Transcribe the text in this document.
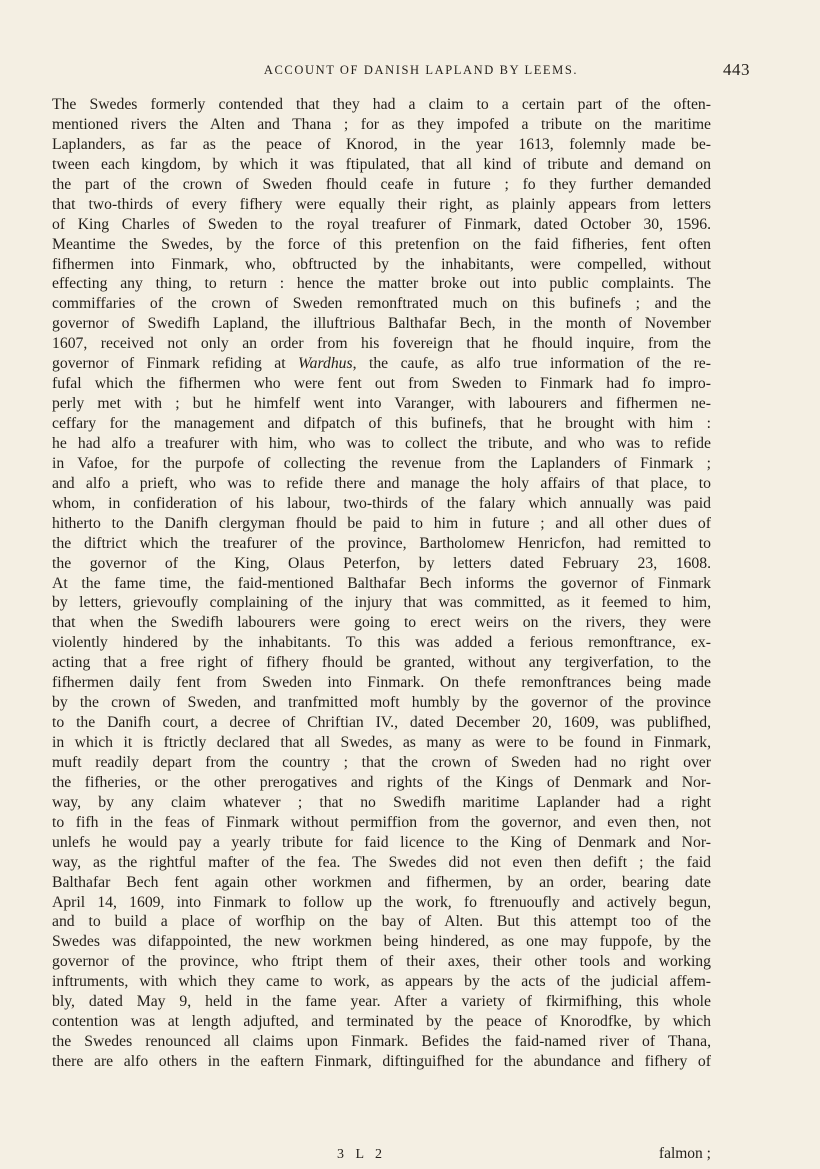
ACCOUNT OF DANISH LAPLAND BY LEEMS.	443
The Swedes formerly contended that they had a claim to a certain part of the often-
mentioned rivers the Alten and Thana ; for as they impofed a tribute on the maritime
Laplanders, as far as the peace of Knorod, in the year 1613, folemnly made be-
tween each kingdom, by which it was ftipulated, that all kind of tribute and demand on
the part of the crown of Sweden fhould ceafe in future ; fo they further demanded
that two-thirds of every fifhery were equally their right, as plainly appears from letters
of King Charles of Sweden to the royal treafurer of Finmark, dated October 30, 1596.
Meantime the Swedes, by the force of this pretenfion on the faid fifheries, fent often
fifhermen into Finmark, who, obftructed by the inhabitants, were compelled, without
effecting any thing, to return : hence the matter broke out into public complaints. The
commiffaries of the crown of Sweden remonftrated much on this bufinefs ; and the
governor of Swedifh Lapland, the illuftrious Balthafar Bech, in the month of November
1607, received not only an order from his fovereign that he fhould inquire, from the
governor of Finmark refiding at Wardhus, the caufe, as alfo true information of the re-
fufal which the fifhermen who were fent out from Sweden to Finmark had fo impro-
perly met with ; but he himfelf went into Varanger, with labourers and fifhermen ne-
ceffary for the management and difpatch of this bufinefs, that he brought with him :
he had alfo a treafurer with him, who was to collect the tribute, and who was to refide
in Vafoe, for the purpofe of collecting the revenue from the Laplanders of Finmark ;
and alfo a prieft, who was to refide there and manage the holy affairs of that place, to
whom, in confideration of his labour, two-thirds of the falary which annually was paid
hitherto to the Danifh clergyman fhould be paid to him in future ; and all other dues of
the diftrict which the treafurer of the province, Bartholomew Henricfon, had remitted to
the governor of the King, Olaus Peterfon, by letters dated February 23, 1608.
At the fame time, the faid-mentioned Balthafar Bech informs the governor of Finmark
by letters, grievoufly complaining of the injury that was committed, as it feemed to him,
that when the Swedifh labourers were going to erect weirs on the rivers, they were
violently hindered by the inhabitants. To this was added a ferious remonftrance, ex-
acting that a free right of fifhery fhould be granted, without any tergiverfation, to the
fifhermen daily fent from Sweden into Finmark. On thefe remonftrances being made
by the crown of Sweden, and tranfmitted moft humbly by the governor of the province
to the Danifh court, a decree of Chriftian IV., dated December 20, 1609, was publifhed,
in which it is ftrictly declared that all Swedes, as many as were to be found in Finmark,
muft readily depart from the country ; that the crown of Sweden had no right over
the fifheries, or the other prerogatives and rights of the Kings of Denmark and Nor-
way, by any claim whatever ; that no Swedifh maritime Laplander had a right
to fifh in the feas of Finmark without permiffion from the governor, and even then, not
unlefs he would pay a yearly tribute for faid licence to the King of Denmark and Nor-
way, as the rightful mafter of the fea. The Swedes did not even then defift ; the faid
Balthafar Bech fent again other workmen and fifhermen, by an order, bearing date
April 14, 1609, into Finmark to follow up the work, fo ftrenuoufly and actively begun,
and to build a place of worfhip on the bay of Alten. But this attempt too of the
Swedes was difappointed, the new workmen being hindered, as one may fuppofe, by the
governor of the province, who ftript them of their axes, their other tools and working
inftruments, with which they came to work, as appears by the acts of the judicial affem-
bly, dated May 9, held in the fame year. After a variety of fkirmifhing, this whole
contention was at length adjufted, and terminated by the peace of Knorodfke, by which
the Swedes renounced all claims upon Finmark. Befides the faid-named river of Thana,
there are alfo others in the eaftern Finmark, diftinguifhed for the abundance and fifhery of
3 L 2	falmon ;
